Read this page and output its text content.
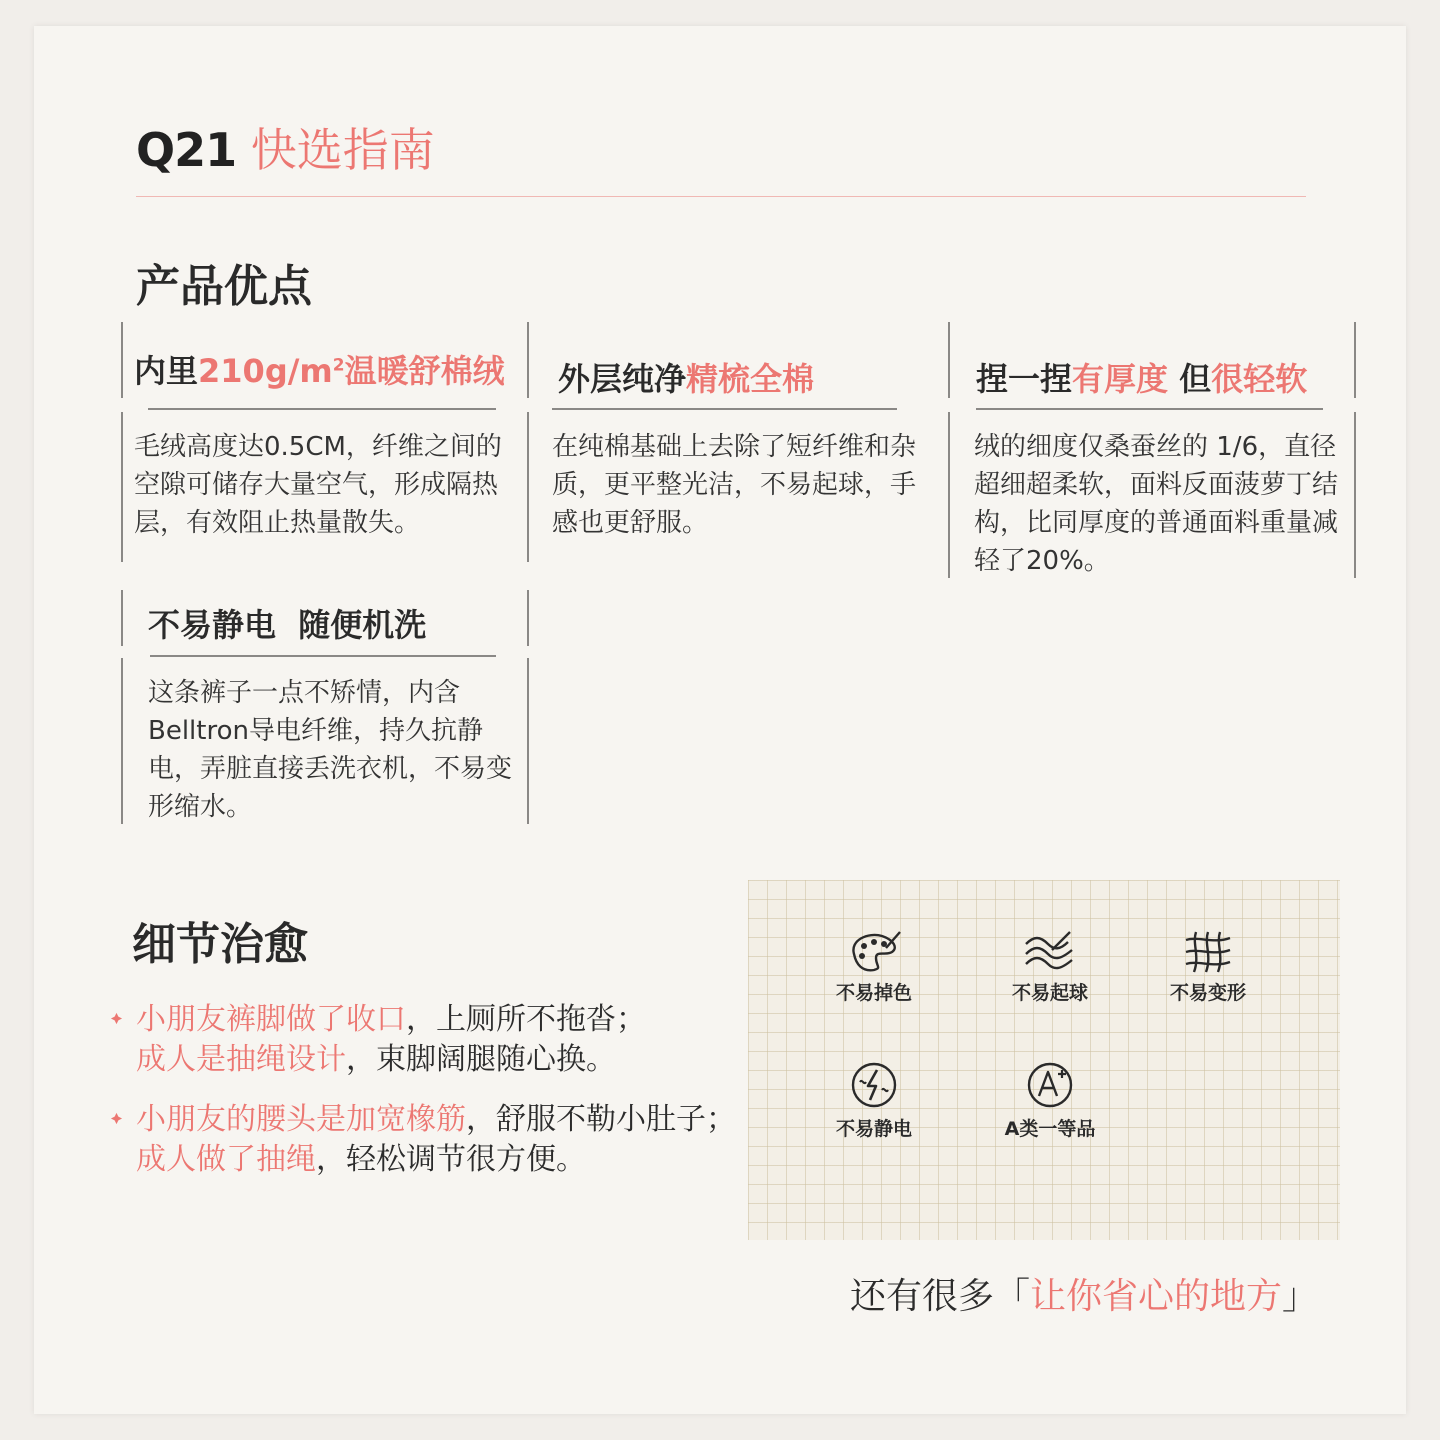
Q21 快选指南
产品优点
内里$210g/m^2$温暖舒棉绒
毛绒高度达0.5CM，纤维之间的空隙可储存大量空气，形成隔热层，有效阻止热量散失。
外层纯净精梳全棉
在纯棉基础上去除了短纤维和杂质，更平整光洁，不易起球，手感也更舒服。
捏一捏有厚度 但很轻软
绒的细度仅桑蚕丝的 1/6，直径超细超柔软，面料反面菠萝丁结构，比同厚度的普通面料重量减轻了20%。
不易静电  随便机洗
这条裤子一点不矫情，内含Belltron导电纤维，持久抗静电，弄脏直接丢洗衣机，不易变形缩水。
细节治愈
小朋友裤脚做了收口，上厕所不拖沓；
成人是抽绳设计，束脚阔腿随心换。
小朋友的腰头是加宽橡筋，舒服不勒小肚子；
成人做了抽绳，轻松调节很方便。
不易掉色	不易起球	不易变形
不易静电	A类一等品
还有很多「让你省心的地方」
